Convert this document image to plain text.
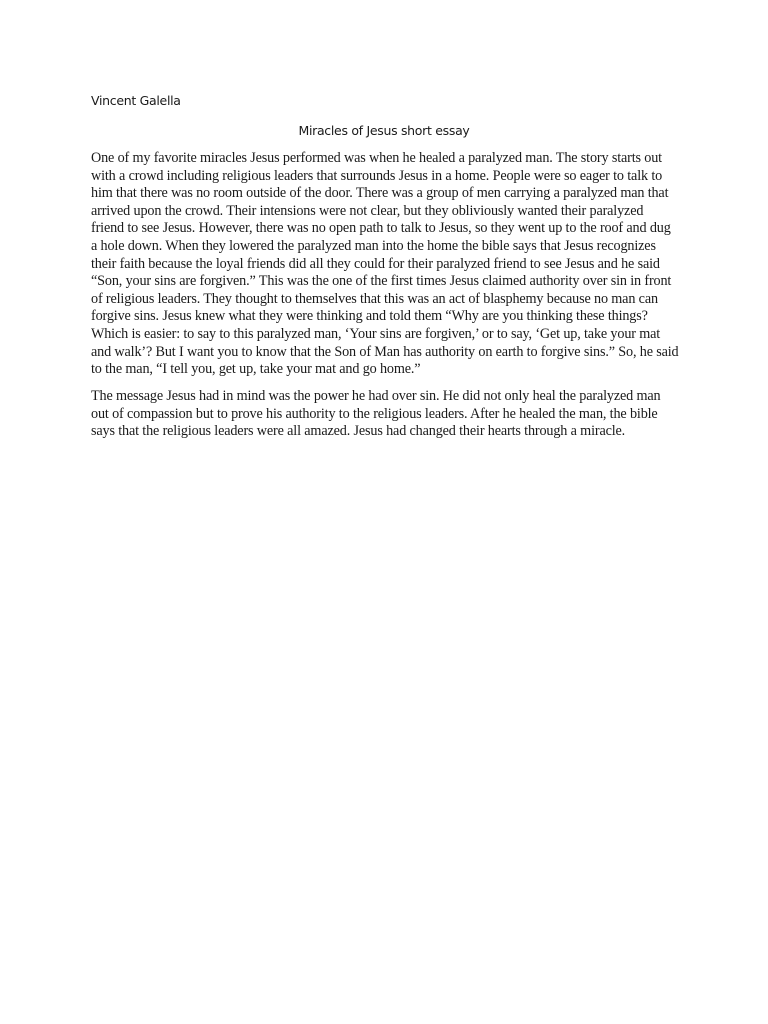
Vincent Galella
Miracles of Jesus short essay
One of my favorite miracles Jesus performed was when he healed a paralyzed man. The story starts out
with a crowd including religious leaders that surrounds Jesus in a home. People were so eager to talk to
him that there was no room outside of the door. There was a group of men carrying a paralyzed man that
arrived upon the crowd. Their intensions were not clear, but they obliviously wanted their paralyzed
friend to see Jesus. However, there was no open path to talk to Jesus, so they went up to the roof and dug
a hole down. When they lowered the paralyzed man into the home the bible says that Jesus recognizes
their faith because the loyal friends did all they could for their paralyzed friend to see Jesus and he said
“Son, your sins are forgiven.” This was the one of the first times Jesus claimed authority over sin in front
of religious leaders. They thought to themselves that this was an act of blasphemy because no man can
forgive sins. Jesus knew what they were thinking and told them “Why are you thinking these things?
Which is easier: to say to this paralyzed man, ‘Your sins are forgiven,’ or to say, ‘Get up, take your mat
and walk’? But I want you to know that the Son of Man has authority on earth to forgive sins.” So, he said
to the man, “I tell you, get up, take your mat and go home.”
The message Jesus had in mind was the power he had over sin. He did not only heal the paralyzed man
out of compassion but to prove his authority to the religious leaders. After he healed the man, the bible
says that the religious leaders were all amazed. Jesus had changed their hearts through a miracle.
